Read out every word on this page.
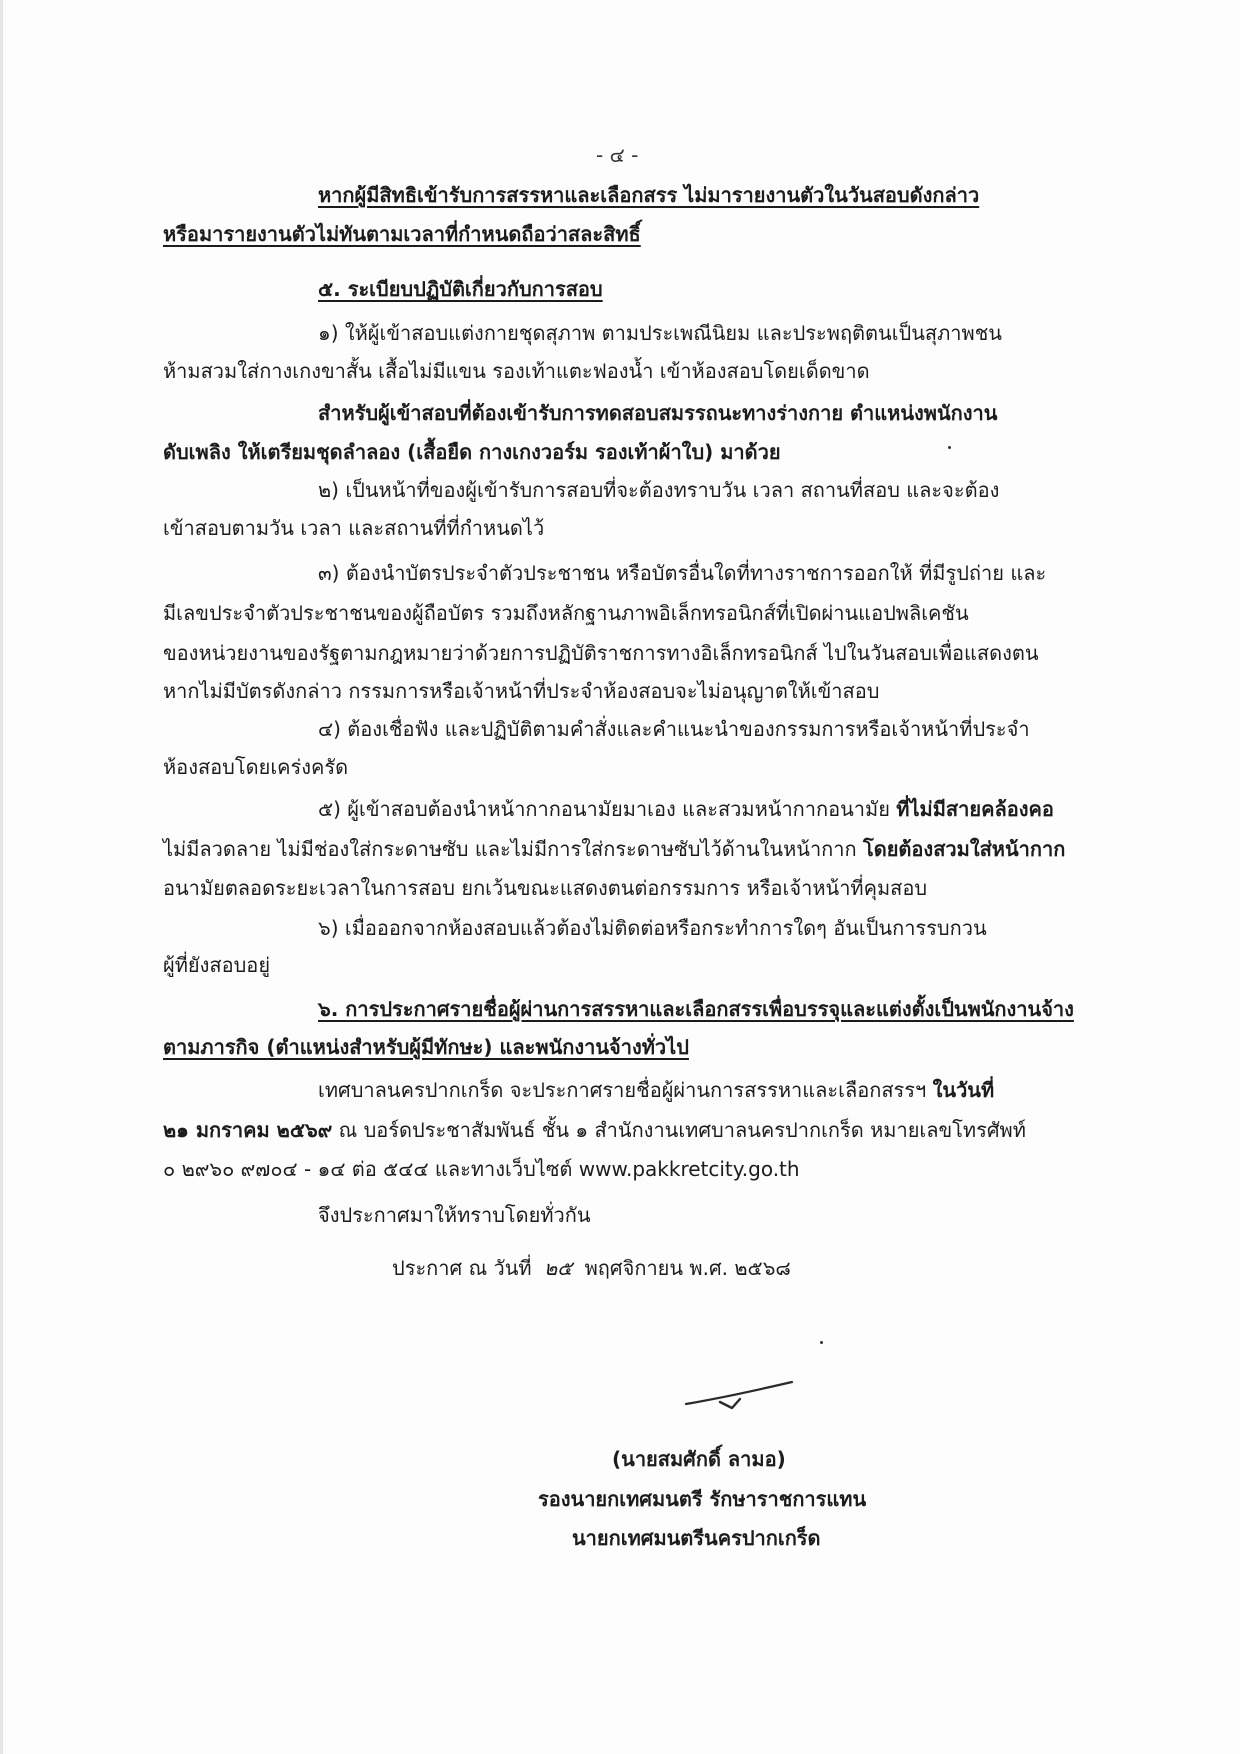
- ๔ -
หากผู้มีสิทธิเข้ารับการสรรหาและเลือกสรร ไม่มารายงานตัวในวันสอบดังกล่าว
หรือมารายงานตัวไม่ทันตามเวลาที่กำหนดถือว่าสละสิทธิ์
๕. ระเบียบปฏิบัติเกี่ยวกับการสอบ
๑) ให้ผู้เข้าสอบแต่งกายชุดสุภาพ ตามประเพณีนิยม และประพฤติตนเป็นสุภาพชน
ห้ามสวมใส่กางเกงขาสั้น เสื้อไม่มีแขน รองเท้าแตะฟองน้ำ เข้าห้องสอบโดยเด็ดขาด
สำหรับผู้เข้าสอบที่ต้องเข้ารับการทดสอบสมรรถนะทางร่างกาย ตำแหน่งพนักงาน
ดับเพลิง ให้เตรียมชุดลำลอง (เสื้อยืด กางเกงวอร์ม รองเท้าผ้าใบ) มาด้วย
๒) เป็นหน้าที่ของผู้เข้ารับการสอบที่จะต้องทราบวัน เวลา สถานที่สอบ และจะต้อง
เข้าสอบตามวัน เวลา และสถานที่ที่กำหนดไว้
๓) ต้องนำบัตรประจำตัวประชาชน หรือบัตรอื่นใดที่ทางราชการออกให้ ที่มีรูปถ่าย และ
มีเลขประจำตัวประชาชนของผู้ถือบัตร รวมถึงหลักฐานภาพอิเล็กทรอนิกส์ที่เปิดผ่านแอปพลิเคชัน
ของหน่วยงานของรัฐตามกฎหมายว่าด้วยการปฏิบัติราชการทางอิเล็กทรอนิกส์ ไปในวันสอบเพื่อแสดงตน
หากไม่มีบัตรดังกล่าว กรรมการหรือเจ้าหน้าที่ประจำห้องสอบจะไม่อนุญาตให้เข้าสอบ
๔) ต้องเชื่อฟัง และปฏิบัติตามคำสั่งและคำแนะนำของกรรมการหรือเจ้าหน้าที่ประจำ
ห้องสอบโดยเคร่งครัด
๕) ผู้เข้าสอบต้องนำหน้ากากอนามัยมาเอง และสวมหน้ากากอนามัย ที่ไม่มีสายคล้องคอ
ไม่มีลวดลาย ไม่มีช่องใส่กระดาษซับ และไม่มีการใส่กระดาษซับไว้ด้านในหน้ากาก โดยต้องสวมใส่หน้ากาก
อนามัยตลอดระยะเวลาในการสอบ ยกเว้นขณะแสดงตนต่อกรรมการ หรือเจ้าหน้าที่คุมสอบ
๖) เมื่อออกจากห้องสอบแล้วต้องไม่ติดต่อหรือกระทำการใดๆ อันเป็นการรบกวน
ผู้ที่ยังสอบอยู่
๖. การประกาศรายชื่อผู้ผ่านการสรรหาและเลือกสรรเพื่อบรรจุและแต่งตั้งเป็นพนักงานจ้าง
ตามภารกิจ (ตำแหน่งสำหรับผู้มีทักษะ) และพนักงานจ้างทั่วไป
เทศบาลนครปากเกร็ด จะประกาศรายชื่อผู้ผ่านการสรรหาและเลือกสรรฯ ในวันที่
๒๑ มกราคม ๒๕๖๙ ณ บอร์ดประชาสัมพันธ์ ชั้น ๑ สำนักงานเทศบาลนครปากเกร็ด หมายเลขโทรศัพท์
๐ ๒๙๖๐ ๙๗๐๔ - ๑๔ ต่อ ๕๔๔ และทางเว็บไซต์ www.pakkretcity.go.th
จึงประกาศมาให้ทราบโดยทั่วกัน
ประกาศ ณ วันที่ ๒๕ พฤศจิกายน พ.ศ. ๒๕๖๘
(นายสมศักดิ์ ลามอ)
รองนายกเทศมนตรี รักษาราชการแทน
นายกเทศมนตรีนครปากเกร็ด
